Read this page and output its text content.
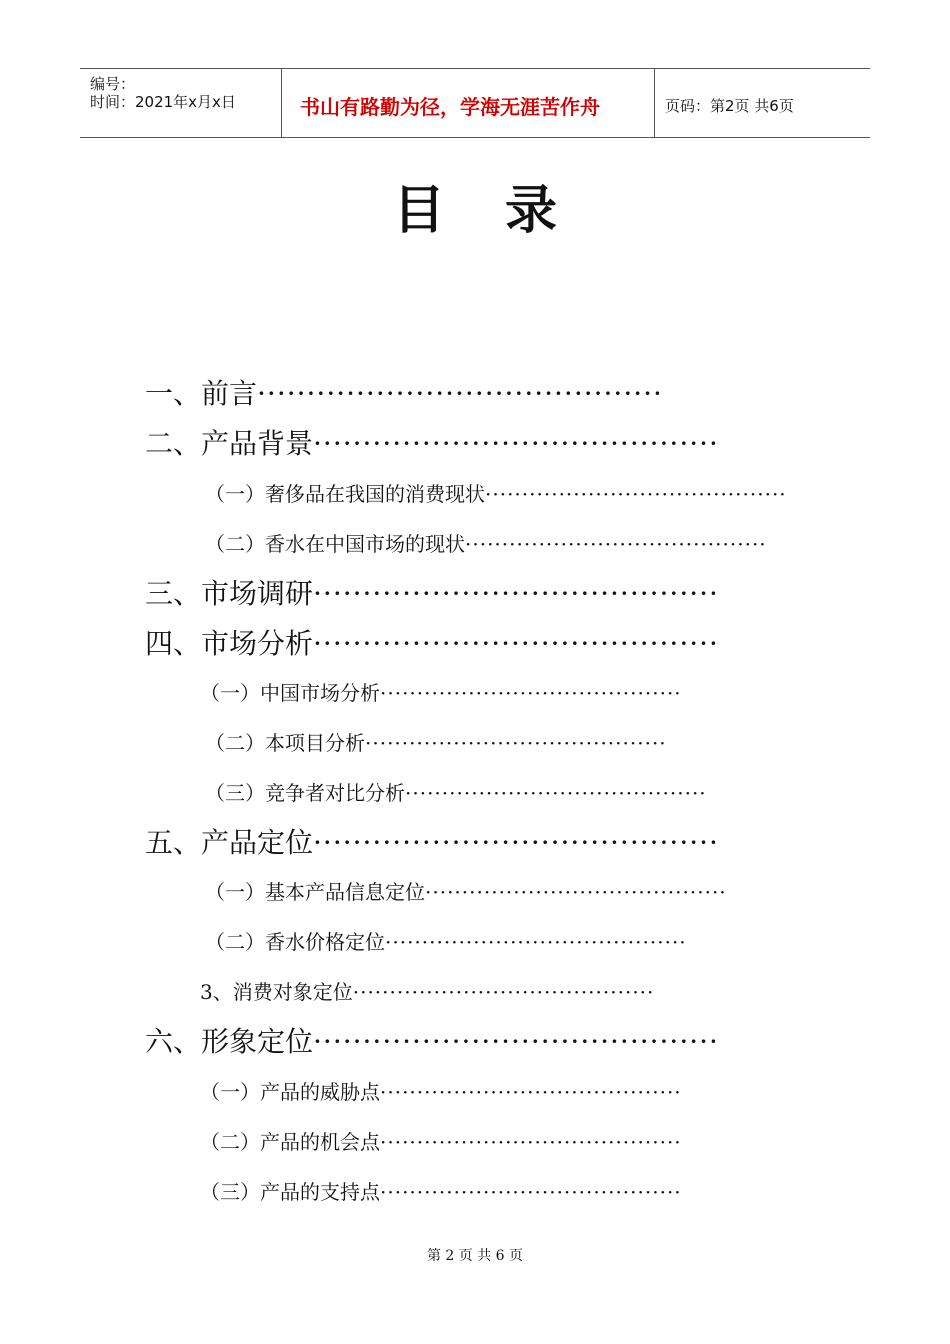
编号：
时间：2021年x月x日	书山有路勤为径，学海无涯苦作舟	页码：第2页 共6页
目录
一、前言 ·········································
二、产品背景 ·········································
（一）奢侈品在我国的消费现状 ·········································
（二）香水在中国市场的现状 ·········································
三、市场调研 ·········································
四、市场分析 ·········································
（一）中国市场分析 ·········································
（二）本项目分析 ·········································
（三）竞争者对比分析 ·········································
五、产品定位 ·········································
（一）基本产品信息定位 ·········································
（二）香水价格定位 ·········································
3、消费对象定位 ·········································
六、形象定位 ·········································
（一）产品的威胁点 ·········································
（二）产品的机会点 ·········································
（三）产品的支持点 ·········································
第 2 页 共 6 页
